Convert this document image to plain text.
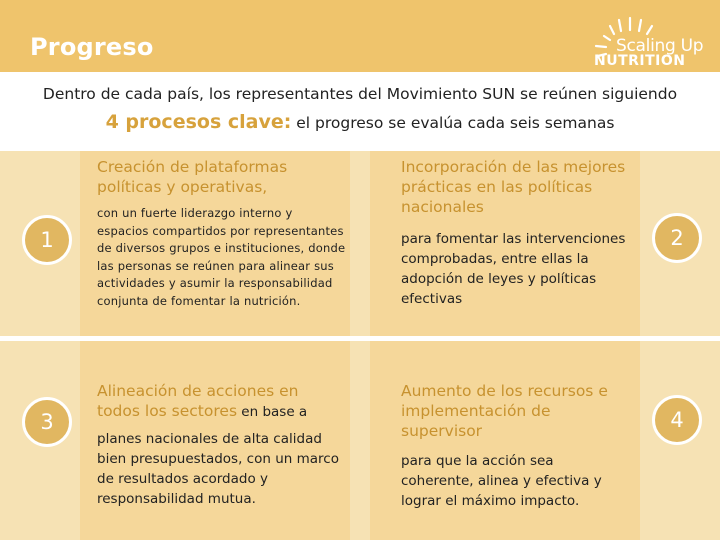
Progreso	Scaling Up
NUTRITION
Dentro de cada país, los representantes del Movimiento SUN se reúnen siguiendo
4 procesos clave: el progreso se evalúa cada seis semanas
Creación de plataformas políticas y operativas,
con un fuerte liderazgo interno y espacios compartidos por representantes de diversos grupos e instituciones, donde las personas se reúnen para alinear sus actividades y asumir la responsabilidad conjunta de fomentar la nutrición.
1
Incorporación de las mejores prácticas en las políticas nacionales
para fomentar las intervenciones comprobadas, entre ellas la adopción de leyes y políticas efectivas
2
Alineación de acciones en todos los sectores en base a
planes nacionales de alta calidad bien presupuestados, con un marco de resultados acordado y responsabilidad mutua.
3
Aumento de los recursos e implementación de supervisor
para que la acción sea coherente, alinea y efectiva y lograr el máximo impacto.
4
